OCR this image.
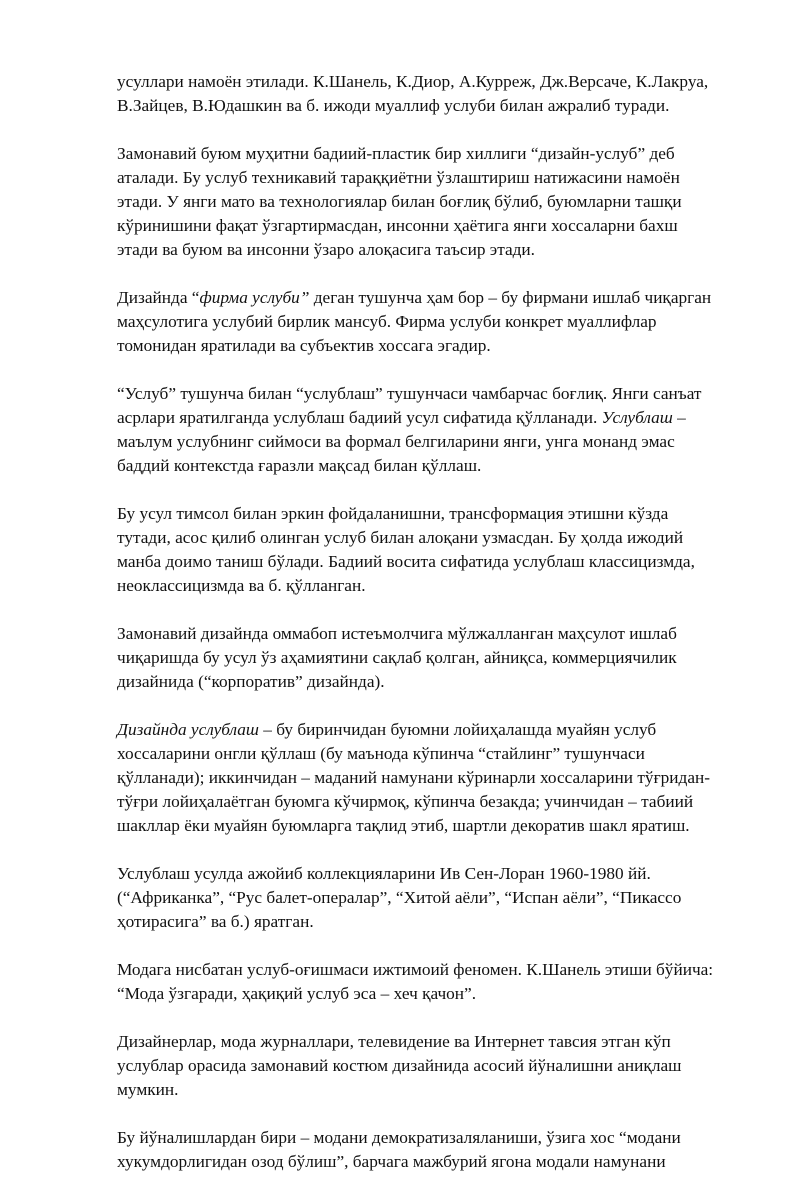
усуллари намоён этилади. К.Шанель, К.Диор, А.Курреж, Дж.Версаче, К.Лакруа,
В.Зайцев, В.Юдашкин ва б. ижоди муаллиф услуби билан ажралиб туради.

Замонавий буюм муҳитни бадиий-пластик бир хиллиги “дизайн-услуб” деб
аталади. Бу услуб техникавий тараққиётни ўзлаштириш натижасини намоён
этади. У янги мато ва технологиялар билан боғлиқ бўлиб, буюмларни ташқи
кўринишини фақат ўзгартирмасдан, инсонни ҳаётига янги хоссаларни бахш
этади ва буюм ва инсонни ўзаро алоқасига таъсир этади.

Дизайнда “фирма услуби” деган тушунча ҳам бор – бу фирмани ишлаб чиқарган
маҳсулотига услубий бирлик мансуб. Фирма услуби конкрет муаллифлар
томонидан яратилади ва субъектив хоссага эгадир.

“Услуб” тушунча билан “услублаш” тушунчаси чамбарчас боғлиқ. Янги санъат
асрлари яратилганда услублаш бадиий усул сифатида қўлланади. Услублаш –
маълум услубнинг сиймоси ва формал белгиларини янги, унга монанд эмас
баддий контекстда ғаразли мақсад билан қўллаш.

Бу усул тимсол билан эркин фойдаланишни, трансформация этишни кўзда
тутади, асос қилиб олинган услуб билан алоқани узмасдан. Бу ҳолда ижодий
манба доимо таниш бўлади. Бадиий восита сифатида услублаш классицизмда,
неоклассицизмда ва б. қўлланган.

Замонавий дизайнда оммабоп истеъмолчига мўлжалланган маҳсулот ишлаб
чиқаришда бу усул ўз аҳамиятини сақлаб қолган, айниқса, коммерциячилик
дизайнида (“корпоратив” дизайнда).

Дизайнда услублаш – бу биринчидан буюмни лойиҳалашда муайян услуб
хоссаларини онгли қўллаш (бу маънода кўпинча “стайлинг” тушунчаси
қўлланади); иккинчидан – маданий намунани кўринарли хоссаларини тўғридан-
тўғри лойиҳалаётган буюмга кўчирмоқ, кўпинча безакда; учинчидан – табиий
шакллар ёки муайян буюмларга тақлид этиб, шартли декоратив шакл яратиш.

Услублаш усулда ажойиб коллекцияларини Ив Сен-Лоран 1960-1980 йй.
(“Африканка”, “Рус балет-опералар”, “Хитой аёли”, “Испан аёли”, “Пикассо
ҳотирасига” ва б.) яратган.

Модага нисбатан услуб-оғишмаси ижтимоий феномен. К.Шанель этиши бўйича:
“Мода ўзгаради, ҳақиқий услуб эса – хеч қачон”.

Дизайнерлар, мода журналлари, телевидение ва Интернет тавсия этган кўп
услублар орасида замонавий костюм дизайнида асосий йўналишни аниқлаш
мумкин.

Бу йўналишлардан бири – модани демократизаляланиши, ўзига хос “модани
хукумдорлигидан озод бўлиш”, барчага мажбурий ягона модали намунани
